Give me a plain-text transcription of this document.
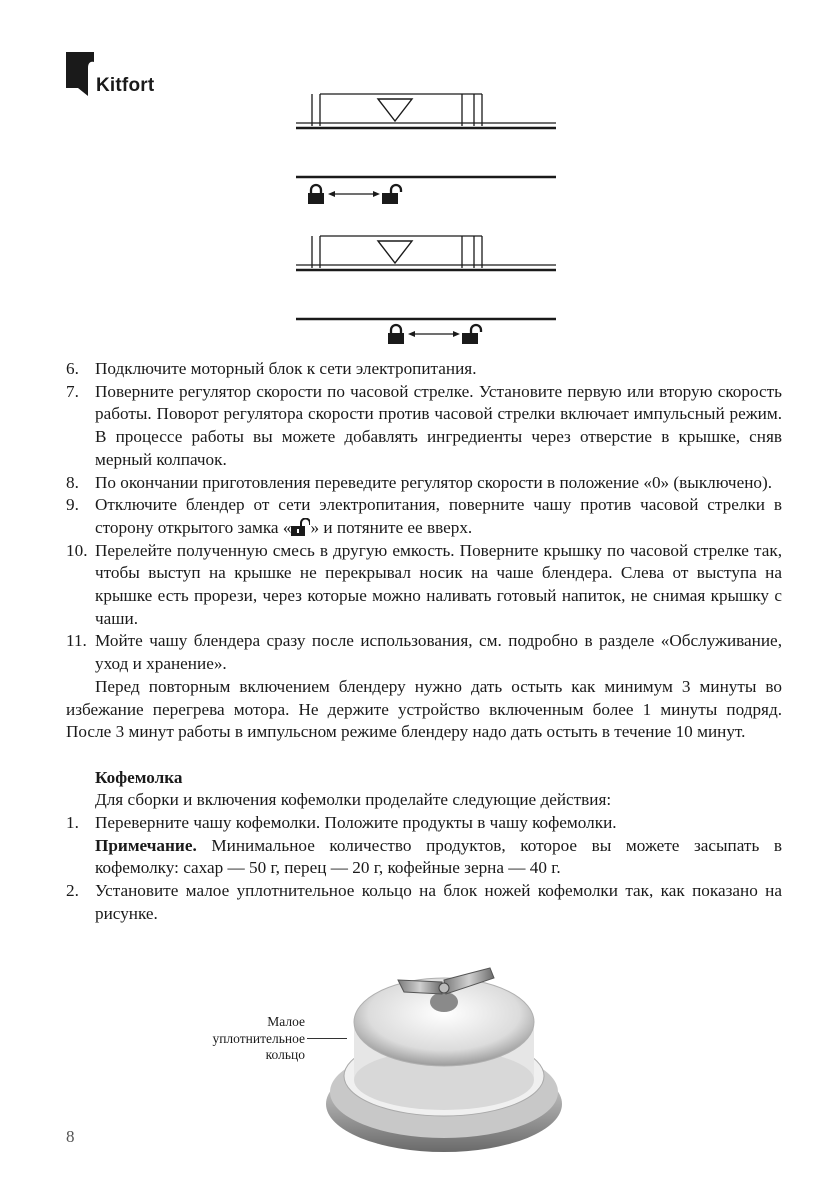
Kitfort

6. Подключите моторный блок к сети электропитания.

7. Поверните регулятор скорости по часовой стрелке. Установите первую или вторую скорость работы. Поворот регулятора скорости против часовой стрелки включает импульсный режим. В процессе работы вы можете добавлять ингредиенты через отверстие в крышке, сняв мерный колпачок.

8. По окончании приготовления переведите регулятор скорости в положение «0» (выключено).

9. Отключите блендер от сети электропитания, поверните чашу против часовой стрелки в сторону открытого замка « » и потяните ее вверх.

10. Перелейте полученную смесь в другую емкость. Поверните крышку по часовой стрелке так, чтобы выступ на крышке не перекрывал носик на чаше блендера. Слева от выступа на крышке есть прорези, через которые можно наливать готовый напиток, не снимая крышку с чаши.

11. Мойте чашу блендера сразу после использования, см. подробно в разделе «Обслуживание, уход и хранение».

Перед повторным включением блендеру нужно дать остыть как минимум 3 минуты во избежание перегрева мотора. Не держите устройство включенным более 1 минуты подряд. После 3 минут работы в импульсном режиме блендеру надо дать остыть в течение 10 минут.

Кофемолка

Для сборки и включения кофемолки проделайте следующие действия:

1. Переверните чашу кофемолки. Положите продукты в чашу кофемолки.

Примечание. Минимальное количество продуктов, которое вы можете засыпать в кофемолку: сахар — 50 г, перец — 20 г, кофейные зерна — 40 г.

2. Установите малое уплотнительное кольцо на блок ножей кофемолки так, как показано на рисунке.

Малое
уплотнительное
кольцо
8
